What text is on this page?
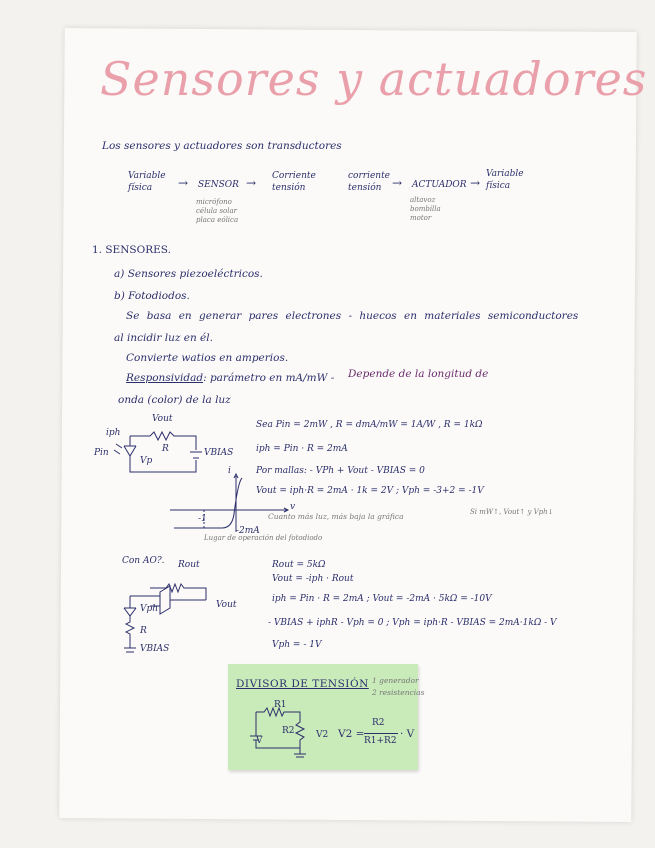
Sensores y actuadores
Los sensores y actuadores son transductores
Variable física	→ SENSOR → Corriente tensión
corriente tensión → ACTUADOR →
Variable física
micrófono célula solar placa eólica
altavoz bombilla motor
1. SENSORES.
a) Sensores piezoeléctricos.
b) Fotodiodos.
Se basa en generar pares electrones - huecos en materiales semiconductores
al incidir luz en él.
Convierte watios en amperios.
Responsividad: parámetro en mA/mW - Depende de la longitud de
onda (color) de la luz
Vout
iph
Pin
Vp
R	VBIAS
Sea Pin = 2mW , R = dmA/mW = 1A/W , R = 1kΩ
iph = Pin · R = 2mA
Por mallas: - VPh + Vout - VBIAS = 0
Vout = iph·R = 2mA · 1k = 2V ; Vph = -3+2 = -1V
i
v
-1
-2mA
Cuanto más luz, más baja la gráfica
Lugar de operación del fotodiodo
Si mW↑, Vout↑ y Vph↓
Con AO?. Rout
Vout
Vph
R
VBIAS
Rout = 5kΩ
Vout = -iph · Rout
iph = Pin · R = 2mA ; Vout = -2mA · 5kΩ = -10V
- VBIAS + iphR - Vph = 0 ; Vph = iph·R - VBIAS = 2mA·1kΩ - V
Vph = - 1V
DIVISOR DE TENSIÓN 1 generador
2 resistencias
R1
R2
V
V2 V2 =
R2
R1+R2
· V
